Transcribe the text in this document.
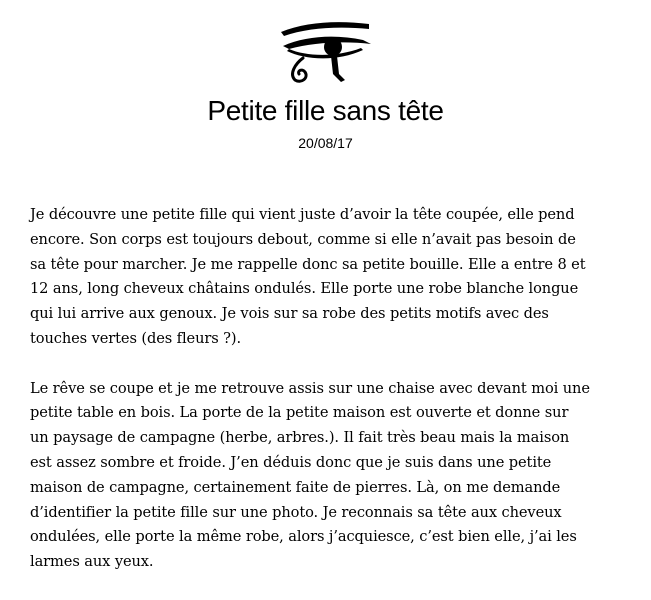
Petite fille sans tête
20/08/17

Je découvre une petite fille qui vient juste d’avoir la tête coupée, elle pend
encore. Son corps est toujours debout, comme si elle n’avait pas besoin de
sa tête pour marcher. Je me rappelle donc sa petite bouille. Elle a entre 8 et
12 ans, long cheveux châtains ondulés. Elle porte une robe blanche longue
qui lui arrive aux genoux. Je vois sur sa robe des petits motifs avec des
touches vertes (des fleurs ?).

Le rêve se coupe et je me retrouve assis sur une chaise avec devant moi une
petite table en bois. La porte de la petite maison est ouverte et donne sur
un paysage de campagne (herbe, arbres.). Il fait très beau mais la maison
est assez sombre et froide. J’en déduis donc que je suis dans une petite
maison de campagne, certainement faite de pierres. Là, on me demande
d’identifier la petite fille sur une photo. Je reconnais sa tête aux cheveux
ondulées, elle porte la même robe, alors j’acquiesce, c’est bien elle, j’ai les
larmes aux yeux.
